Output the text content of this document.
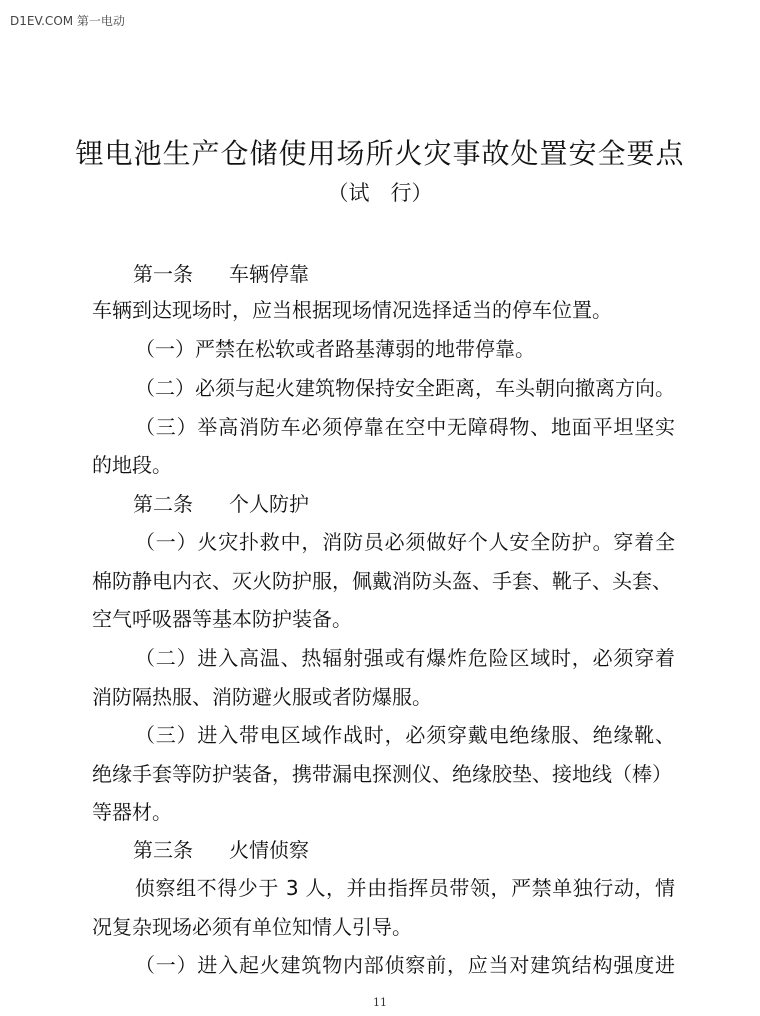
D1EV.COM 第一电动
锂电池生产仓储使用场所火灾事故处置安全要点
（试　行）
第一条 车辆停靠
车辆到达现场时，应当根据现场情况选择适当的停车位置。
（一）严禁在松软或者路基薄弱的地带停靠。
（二）必须与起火建筑物保持安全距离，车头朝向撤离方向。
（三）举高消防车必须停靠在空中无障碍物、地面平坦坚实
的地段。
第二条 个人防护
（一）火灾扑救中，消防员必须做好个人安全防护。穿着全
棉防静电内衣、灭火防护服，佩戴消防头盔、手套、靴子、头套、
空气呼吸器等基本防护装备。
（二）进入高温、热辐射强或有爆炸危险区域时，必须穿着
消防隔热服、消防避火服或者防爆服。
（三）进入带电区域作战时，必须穿戴电绝缘服、绝缘靴、
绝缘手套等防护装备，携带漏电探测仪、绝缘胶垫、接地线（棒）
等器材。
第三条 火情侦察
侦察组不得少于 3 人，并由指挥员带领，严禁单独行动，情
况复杂现场必须有单位知情人引导。
（一）进入起火建筑物内部侦察前，应当对建筑结构强度进
11
